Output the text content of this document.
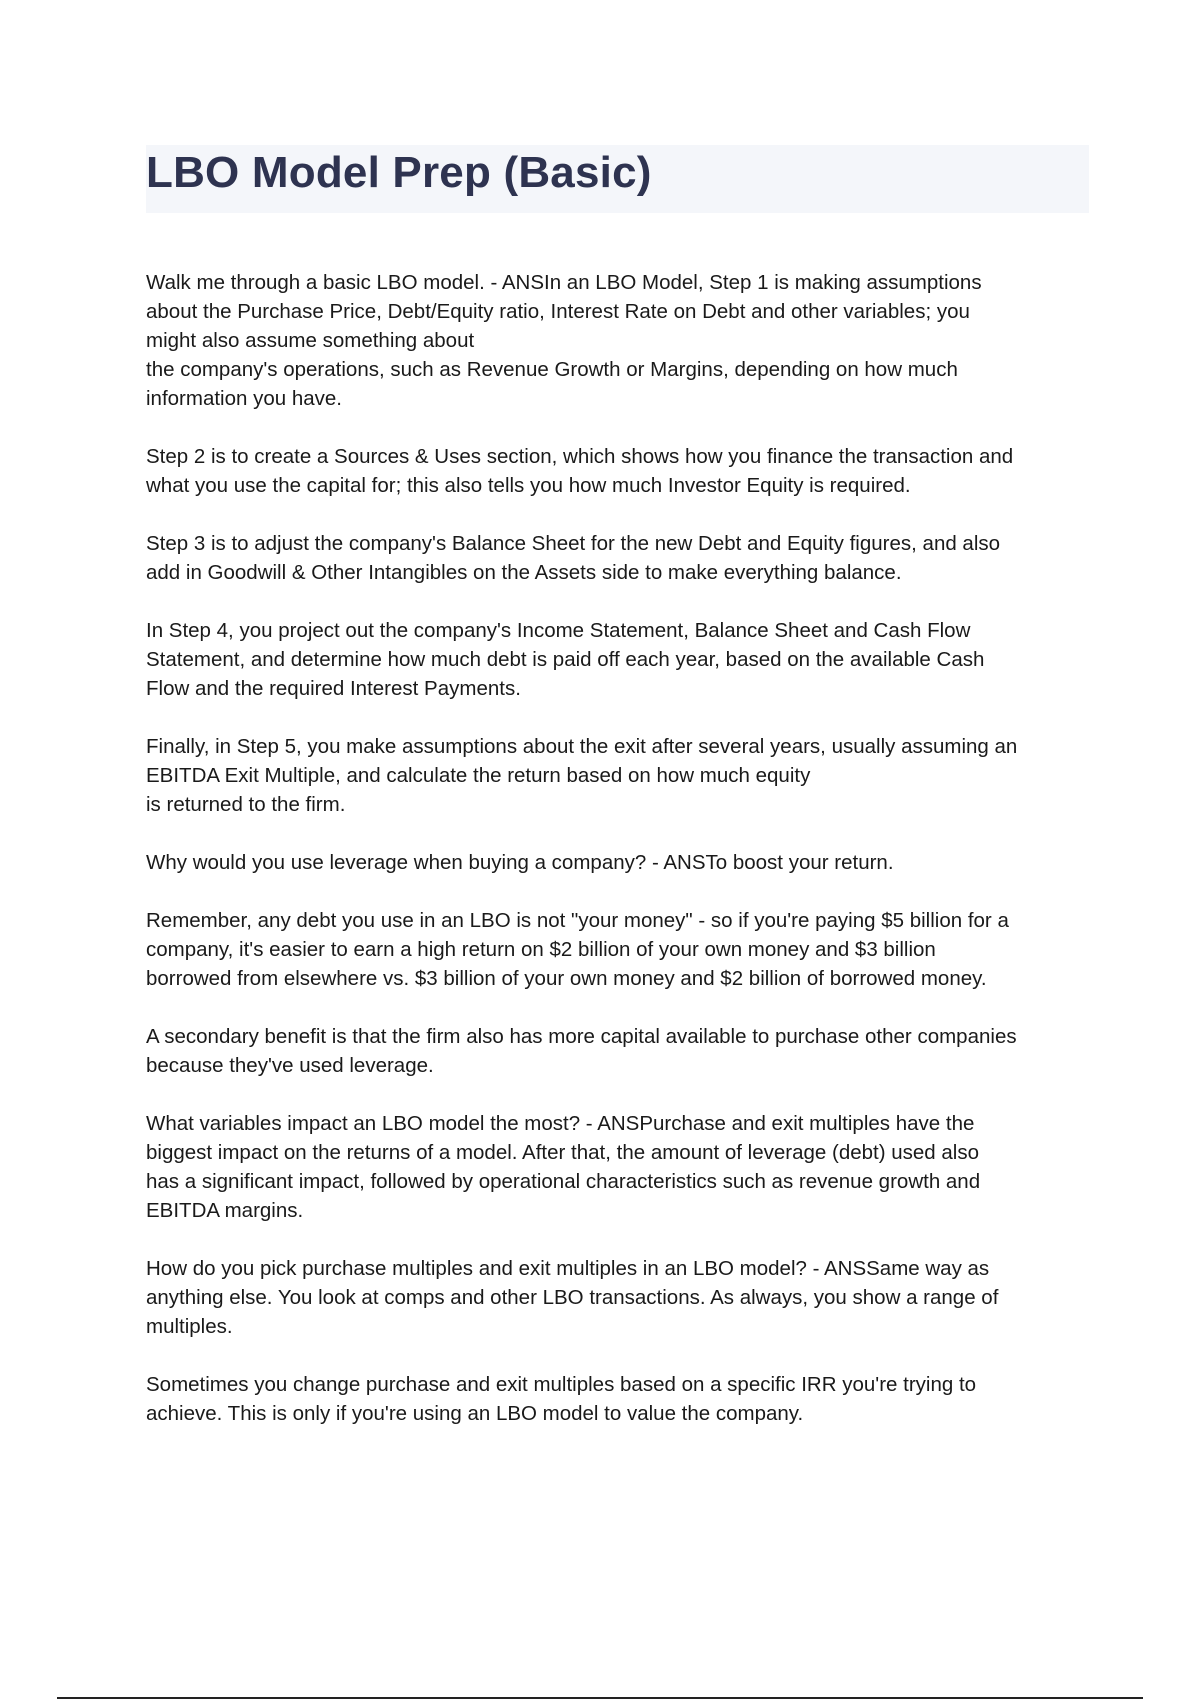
LBO Model Prep (Basic)

Walk me through a basic LBO model. - ANSIn an LBO Model, Step 1 is making assumptions
about the Purchase Price, Debt/Equity ratio, Interest Rate on Debt and other variables; you
might also assume something about
the company's operations, such as Revenue Growth or Margins, depending on how much
information you have.

Step 2 is to create a Sources & Uses section, which shows how you finance the transaction and
what you use the capital for; this also tells you how much Investor Equity is required.

Step 3 is to adjust the company's Balance Sheet for the new Debt and Equity figures, and also
add in Goodwill & Other Intangibles on the Assets side to make everything balance.

In Step 4, you project out the company's Income Statement, Balance Sheet and Cash Flow
Statement, and determine how much debt is paid off each year, based on the available Cash
Flow and the required Interest Payments.

Finally, in Step 5, you make assumptions about the exit after several years, usually assuming an
EBITDA Exit Multiple, and calculate the return based on how much equity
is returned to the firm.

Why would you use leverage when buying a company? - ANSTo boost your return.

Remember, any debt you use in an LBO is not "your money" - so if you're paying $5 billion for a
company, it's easier to earn a high return on $2 billion of your own money and $3 billion
borrowed from elsewhere vs. $3 billion of your own money and $2 billion of borrowed money.

A secondary benefit is that the firm also has more capital available to purchase other companies
because they've used leverage.

What variables impact an LBO model the most? - ANSPurchase and exit multiples have the
biggest impact on the returns of a model. After that, the amount of leverage (debt) used also
has a significant impact, followed by operational characteristics such as revenue growth and
EBITDA margins.

How do you pick purchase multiples and exit multiples in an LBO model? - ANSSame way as
anything else. You look at comps and other LBO transactions. As always, you show a range of
multiples.

Sometimes you change purchase and exit multiples based on a specific IRR you're trying to
achieve. This is only if you're using an LBO model to value the company.
